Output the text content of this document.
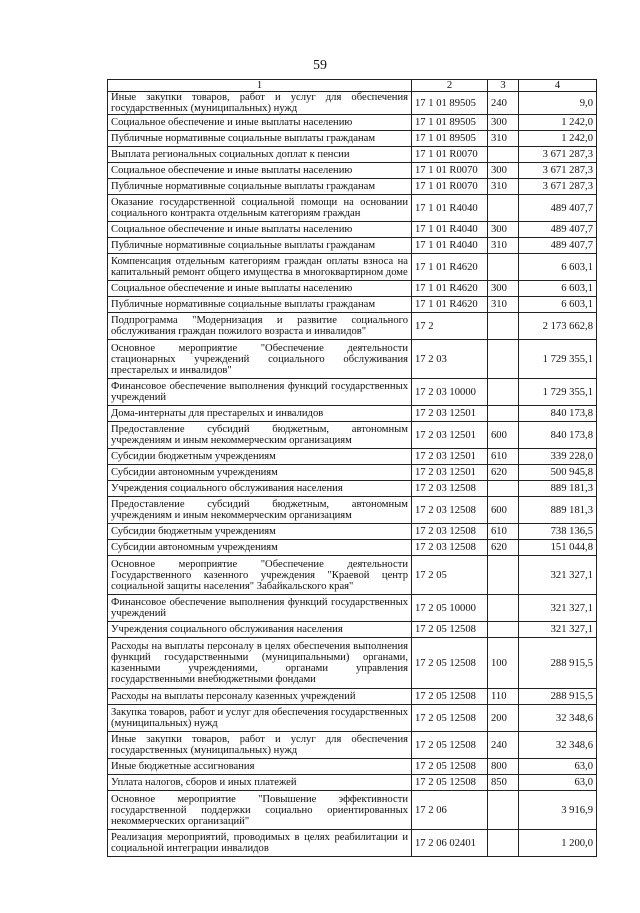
59
1	2	3	4
Иные закупки товаров, работ и услуг для обеспечения государственных (муниципальных) нужд	17 1 01 89505	240	9,0
Социальное обеспечение и иные выплаты населению	17 1 01 89505	300	1 242,0
Публичные нормативные социальные выплаты гражданам	17 1 01 89505	310	1 242,0
Выплата региональных социальных доплат к пенсии	17 1 01 R0070		3 671 287,3
Социальное обеспечение и иные выплаты населению	17 1 01 R0070	300	3 671 287,3
Публичные нормативные социальные выплаты гражданам	17 1 01 R0070	310	3 671 287,3
Оказание государственной социальной помощи на основании социального контракта отдельным категориям граждан	17 1 01 R4040		489 407,7
Социальное обеспечение и иные выплаты населению	17 1 01 R4040	300	489 407,7
Публичные нормативные социальные выплаты гражданам	17 1 01 R4040	310	489 407,7
Компенсация отдельным категориям граждан оплаты взноса на капитальный ремонт общего имущества в многоквартирном доме	17 1 01 R4620		6 603,1
Социальное обеспечение и иные выплаты населению	17 1 01 R4620	300	6 603,1
Публичные нормативные социальные выплаты гражданам	17 1 01 R4620	310	6 603,1
Подпрограмма "Модернизация и развитие социального обслуживания граждан пожилого возраста и инвалидов"	17 2		2 173 662,8
Основное мероприятие "Обеспечение деятельности стационарных учреждений социального обслуживания престарелых и инвалидов"	17 2 03		1 729 355,1
Финансовое обеспечение выполнения функций государственных учреждений	17 2 03 10000		1 729 355,1
Дома-интернаты для престарелых и инвалидов	17 2 03 12501		840 173,8
Предоставление субсидий бюджетным, автономным учреждениям и иным некоммерческим организациям	17 2 03 12501	600	840 173,8
Субсидии бюджетным учреждениям	17 2 03 12501	610	339 228,0
Субсидии автономным учреждениям	17 2 03 12501	620	500 945,8
Учреждения социального обслуживания населения	17 2 03 12508		889 181,3
Предоставление субсидий бюджетным, автономным учреждениям и иным некоммерческим организациям	17 2 03 12508	600	889 181,3
Субсидии бюджетным учреждениям	17 2 03 12508	610	738 136,5
Субсидии автономным учреждениям	17 2 03 12508	620	151 044,8
Основное мероприятие "Обеспечение деятельности Государственного казенного учреждения "Краевой центр социальной защиты населения" Забайкальского края"	17 2 05		321 327,1
Финансовое обеспечение выполнения функций государственных учреждений	17 2 05 10000		321 327,1
Учреждения социального обслуживания населения	17 2 05 12508		321 327,1
Расходы на выплаты персоналу в целях обеспечения выполнения функций государственными (муниципальными) органами, казенными учреждениями, органами управления государственными внебюджетными фондами	17 2 05 12508	100	288 915,5
Расходы на выплаты персоналу казенных учреждений	17 2 05 12508	110	288 915,5
Закупка товаров, работ и услуг для обеспечения государственных (муниципальных) нужд	17 2 05 12508	200	32 348,6
Иные закупки товаров, работ и услуг для обеспечения государственных (муниципальных) нужд	17 2 05 12508	240	32 348,6
Иные бюджетные ассигнования	17 2 05 12508	800	63,0
Уплата налогов, сборов и иных платежей	17 2 05 12508	850	63,0
Основное мероприятие "Повышение эффективности государственной поддержки социально ориентированных некоммерческих организаций"	17 2 06		3 916,9
Реализация мероприятий, проводимых в целях реабилитации и социальной интеграции инвалидов	17 2 06 02401		1 200,0
